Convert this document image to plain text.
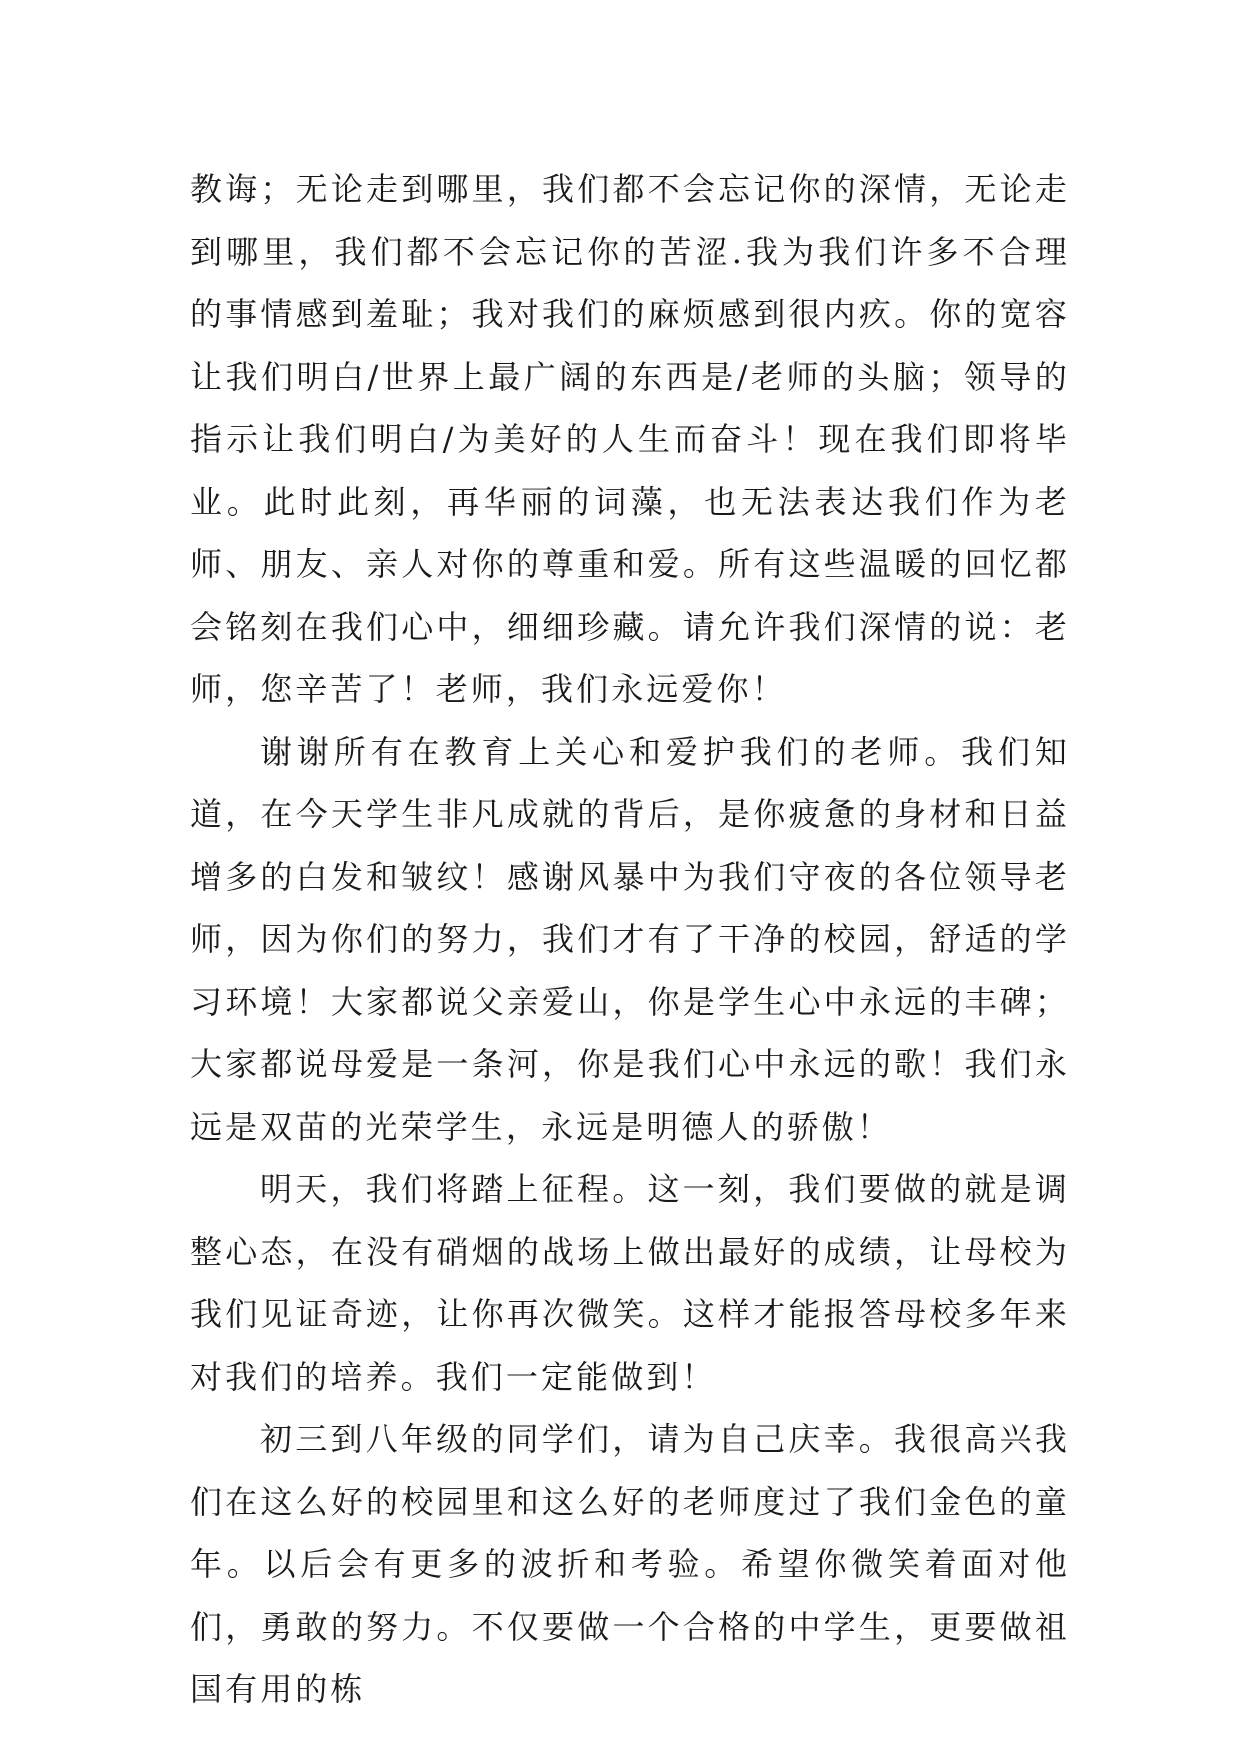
教诲；无论走到哪里，我们都不会忘记你的深情，无论走到哪里，我们都不会忘记你的苦涩.我为我们许多不合理的事情感到羞耻；我对我们的麻烦感到很内疚。你的宽容让我们明白/世界上最广阔的东西是/老师的头脑；领导的指示让我们明白/为美好的人生而奋斗！现在我们即将毕业。此时此刻，再华丽的词藻，也无法表达我们作为老师、朋友、亲人对你的尊重和爱。所有这些温暖的回忆都会铭刻在我们心中，细细珍藏。请允许我们深情的说：老师，您辛苦了！老师，我们永远爱你！

谢谢所有在教育上关心和爱护我们的老师。我们知道，在今天学生非凡成就的背后，是你疲惫的身材和日益增多的白发和皱纹！感谢风暴中为我们守夜的各位领导老师，因为你们的努力，我们才有了干净的校园，舒适的学习环境！大家都说父亲爱山，你是学生心中永远的丰碑；大家都说母爱是一条河，你是我们心中永远的歌！我们永远是双苗的光荣学生，永远是明德人的骄傲！

明天，我们将踏上征程。这一刻，我们要做的就是调整心态，在没有硝烟的战场上做出最好的成绩，让母校为我们见证奇迹，让你再次微笑。这样才能报答母校多年来对我们的培养。我们一定能做到！

初三到八年级的同学们，请为自己庆幸。我很高兴我们在这么好的校园里和这么好的老师度过了我们金色的童年。以后会有更多的波折和考验。希望你微笑着面对他们，勇敢的努力。不仅要做一个合格的中学生，更要做祖国有用的栋
